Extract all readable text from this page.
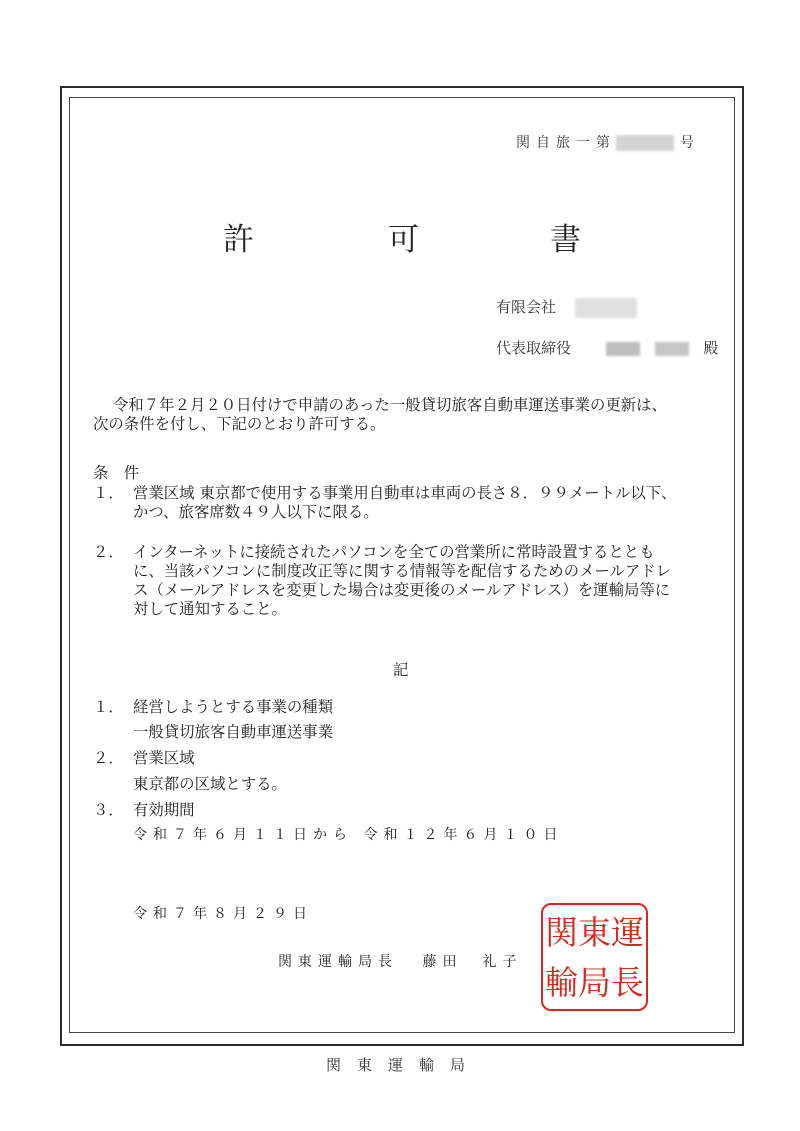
関自旅一第	号
許	可	書
有限会社
代表取締役	殿
令和７年２月２０日付けで申請のあった一般貸切旅客自動車運送事業の更新は、
次の条件を付し、下記のとおり許可する。
条　件
１． 営業区域 東京都で使用する事業用自動車は車両の長さ８．９９メートル以下、
かつ、旅客席数４９人以下に限る。
２． インターネットに接続されたパソコンを全ての営業所に常時設置するととも
に、当該パソコンに制度改正等に関する情報等を配信するためのメールアドレ
ス（メールアドレスを変更した場合は変更後のメールアドレス）を運輸局等に
対して通知すること。
記
１． 経営しようとする事業の種類
一般貸切旅客自動車運送事業
２． 営業区域
東京都の区域とする。
３． 有効期間
令和７年６月１１日から 令和１２年６月１０日
令和７年８月２９日
関東運輸局長 藤田　礼子
運
長
東
局
関
輸
関東運輸局
